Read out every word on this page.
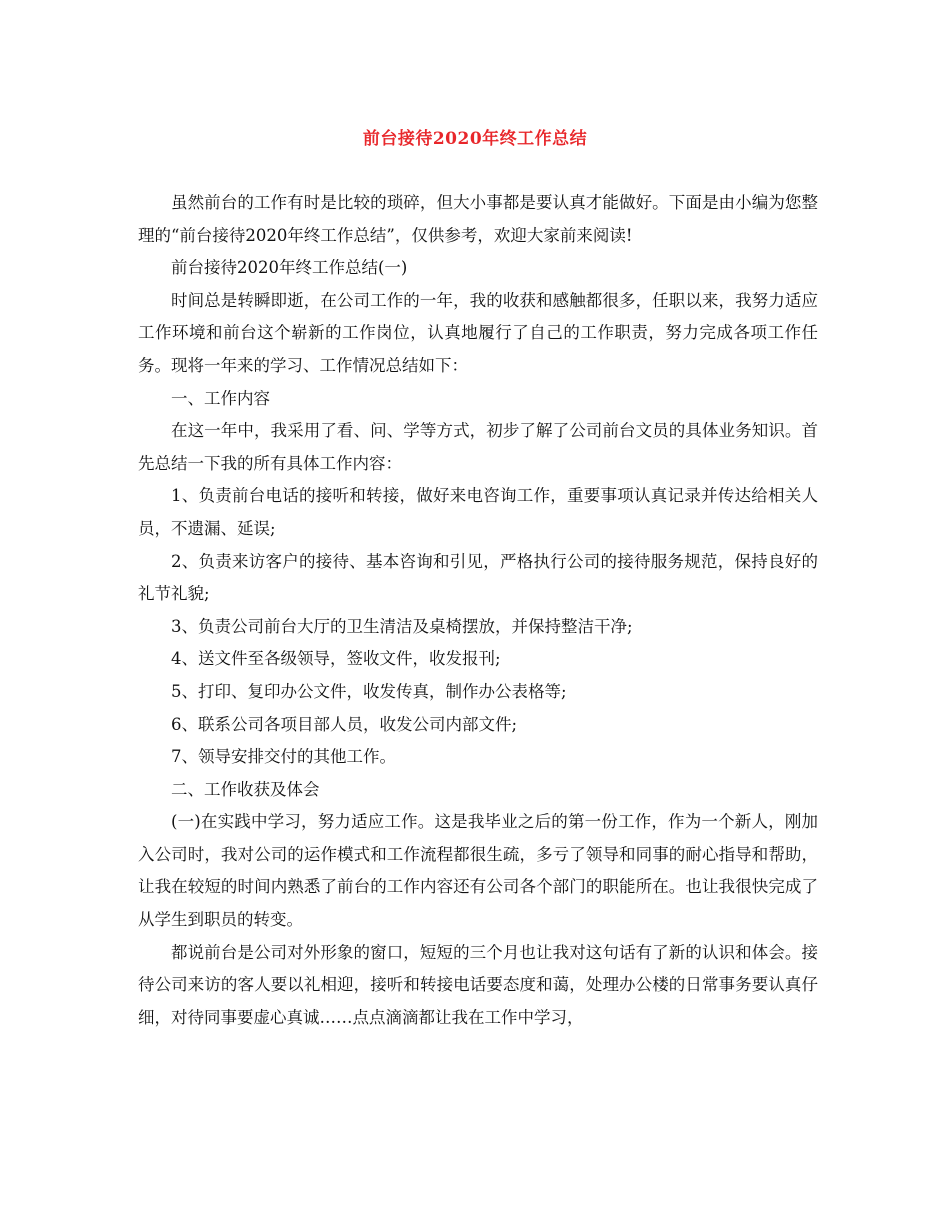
前台接待2020年终工作总结

虽然前台的工作有时是比较的琐碎，但大小事都是要认真才能做好。下面是由小编为您整理的“前台接待2020年终工作总结”，仅供参考，欢迎大家前来阅读!

前台接待2020年终工作总结(一)

时间总是转瞬即逝，在公司工作的一年，我的收获和感触都很多，任职以来，我努力适应工作环境和前台这个崭新的工作岗位，认真地履行了自己的工作职责，努力完成各项工作任务。现将一年来的学习、工作情况总结如下：

一、工作内容

在这一年中，我采用了看、问、学等方式，初步了解了公司前台文员的具体业务知识。首先总结一下我的所有具体工作内容：

1、负责前台电话的接听和转接，做好来电咨询工作，重要事项认真记录并传达给相关人员，不遗漏、延误;

2、负责来访客户的接待、基本咨询和引见，严格执行公司的接待服务规范，保持良好的礼节礼貌;

3、负责公司前台大厅的卫生清洁及桌椅摆放，并保持整洁干净;

4、送文件至各级领导，签收文件，收发报刊;

5、打印、复印办公文件，收发传真，制作办公表格等;

6、联系公司各项目部人员，收发公司内部文件;

7、领导安排交付的其他工作。

二、工作收获及体会

(一)在实践中学习，努力适应工作。这是我毕业之后的第一份工作，作为一个新人，刚加入公司时，我对公司的运作模式和工作流程都很生疏，多亏了领导和同事的耐心指导和帮助，让我在较短的时间内熟悉了前台的工作内容还有公司各个部门的职能所在。也让我很快完成了从学生到职员的转变。

都说前台是公司对外形象的窗口，短短的三个月也让我对这句话有了新的认识和体会。接待公司来访的客人要以礼相迎，接听和转接电话要态度和蔼，处理办公楼的日常事务要认真仔细，对待同事要虚心真诚……点点滴滴都让我在工作中学习，
